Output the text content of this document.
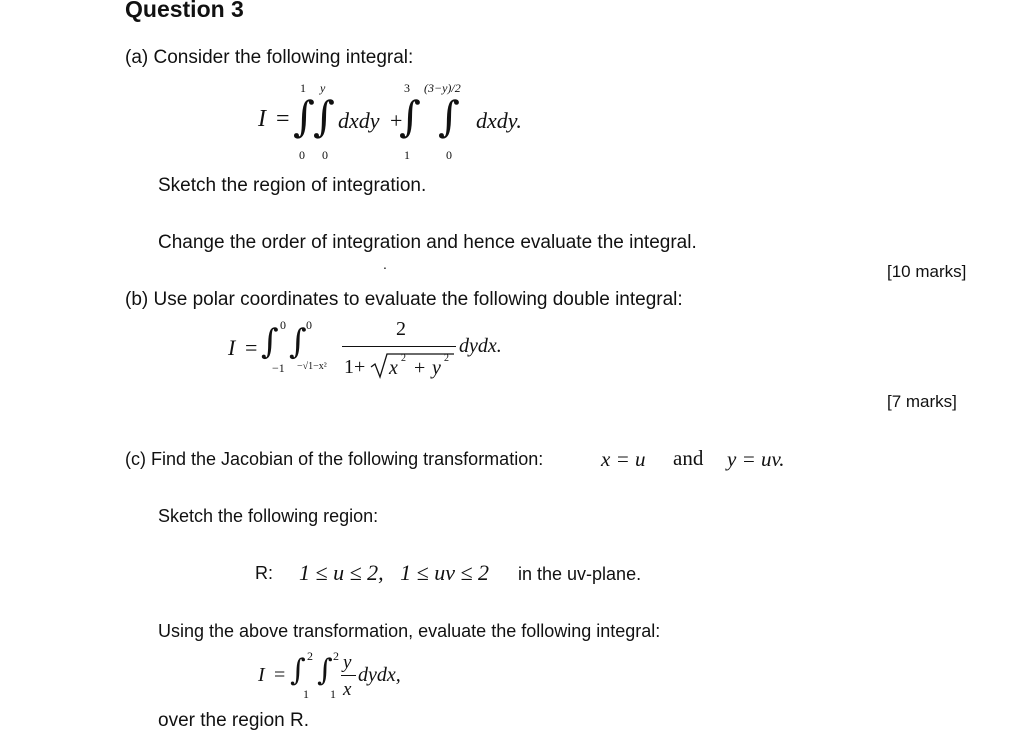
Question 3
(a) Consider the following integral:
I =
1
∫
0
y
∫
0
dxdy +
3
∫
1
(3−y)/2
∫
0
dxdy.
Sketch the region of integration.
Change the order of integration and hence evaluate the integral.
.	[10 marks]
(b) Use polar coordinates to evaluate the following double integral:
I = ∫ 0
−1
∫ 0
−√1−x²
2
1+ x 2 + y 2
dydx.
[7 marks]
(c) Find the Jacobian of the following transformation:	x = u and y = uv.
Sketch the following region:
R: 1 ≤ u ≤ 2,   1 ≤ uv ≤ 2 in the uv-plane.
Using the above transformation, evaluate the following integral:
I = ∫ 2
1
∫ 2
1
y
x
dydx,
over the region R.
